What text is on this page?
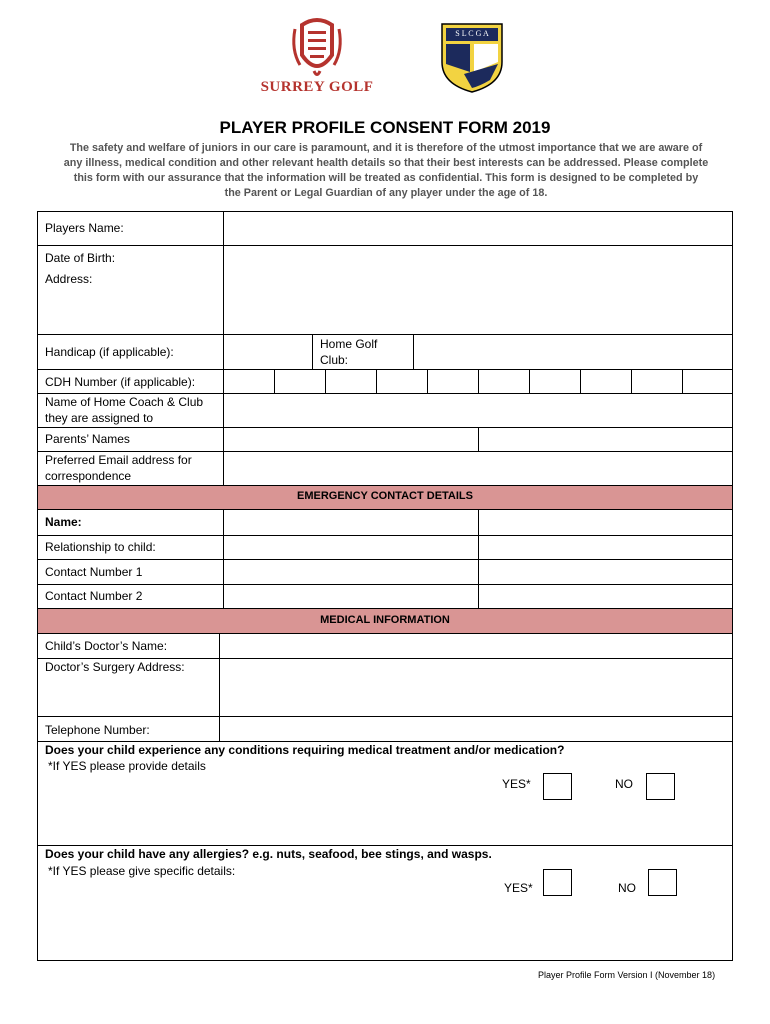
SURREY GOLF
S L C G A
PLAYER PROFILE CONSENT FORM 2019
The safety and welfare of juniors in our care is paramount, and it is therefore of the utmost importance that we are aware of
any illness, medical condition and other relevant health details so that their best interests can be addressed. Please complete
this form with our assurance that the information will be treated as confidential. This form is designed to be completed by
the Parent or Legal Guardian of any player under the age of 18.
Players Name:
Date of Birth:
Address:
Handicap (if applicable):
Home Golf
Club:
CDH Number (if applicable):
Name of Home Coach & Club
they are assigned to
Parents’ Names
Preferred Email address for
correspondence
EMERGENCY CONTACT DETAILS
Name:
Relationship to child:
Contact Number 1
Contact Number 2
MEDICAL INFORMATION
Child’s Doctor’s Name:
Doctor’s Surgery Address:
Telephone Number:
Does your child experience any conditions requiring medical treatment and/or medication?
*If YES please provide details
YES*	NO
Does your child have any allergies? e.g. nuts, seafood, bee stings, and wasps.
*If YES please give specific details:
YES*	NO
Player Profile Form Version I (November 18)
